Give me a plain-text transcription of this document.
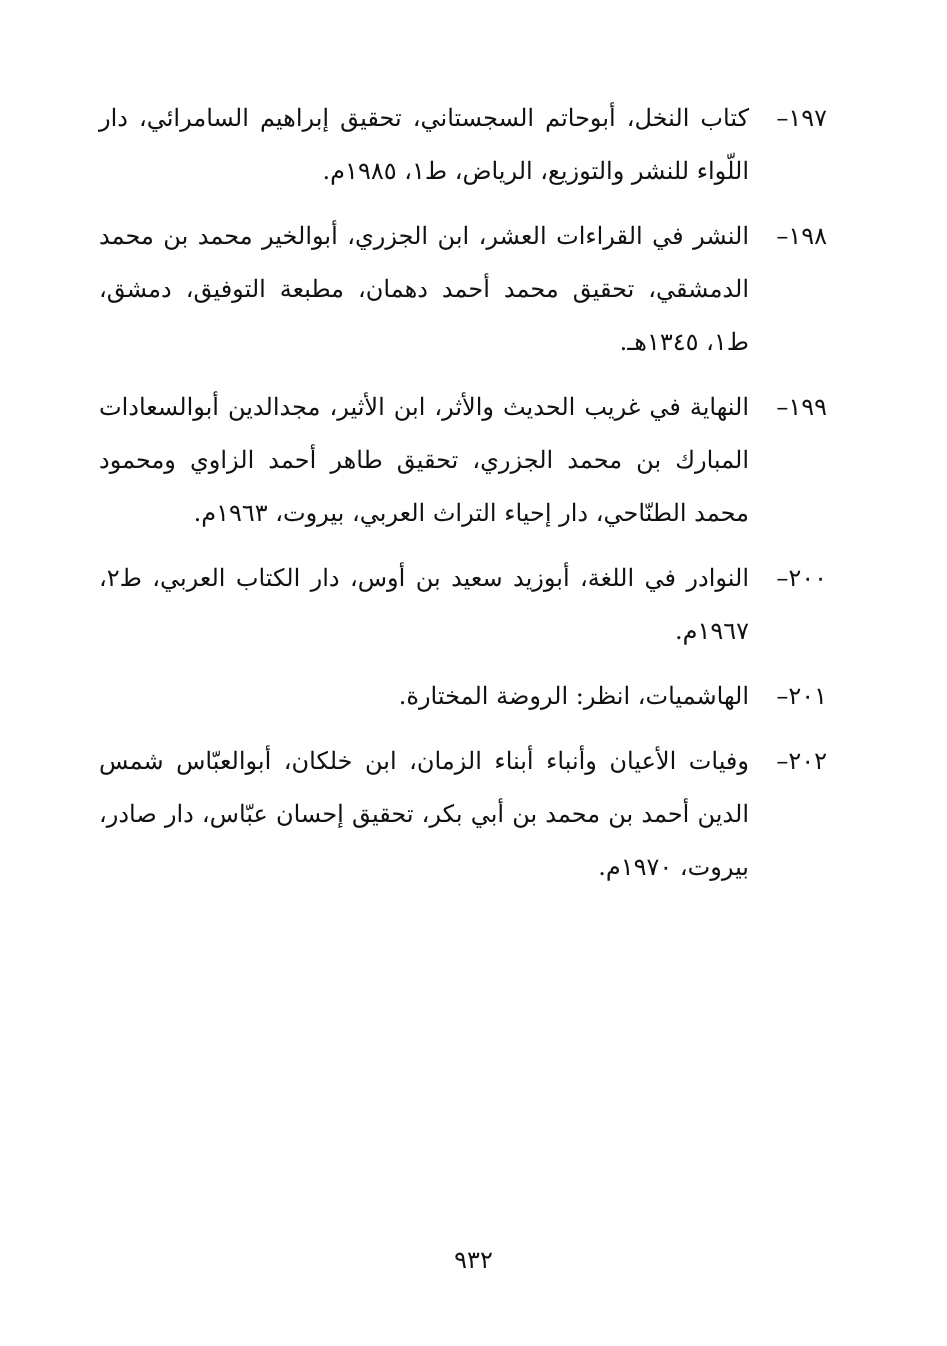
١٩٧–
كتاب النخل، أبوحاتم السجستاني، تحقيق إبراهيم السامرائي، دار اللّواء للنشر والتوزيع، الرياض، ط١، ١٩٨٥م.
١٩٨–
النشر في القراءات العشر، ابن الجزري، أبوالخير محمد بن محمد الدمشقي، تحقيق محمد أحمد دهمان، مطبعة التوفيق، دمشق، ط١، ١٣٤٥هـ.
١٩٩–
النهاية في غريب الحديث والأثر، ابن الأثير، مجدالدين أبوالسعادات المبارك بن محمد الجزري، تحقيق طاهر أحمد الزاوي ومحمود محمد الطنّاحي، دار إحياء التراث العربي، بيروت، ١٩٦٣م.
٢٠٠–
النوادر في اللغة، أبوزيد سعيد بن أوس، دار الكتاب العربي، ط٢، ١٩٦٧م.
٢٠١–
الهاشميات، انظر: الروضة المختارة.
٢٠٢–
وفيات الأعيان وأنباء أبناء الزمان، ابن خلكان، أبوالعبّاس شمس الدين أحمد بن محمد بن أبي بكر، تحقيق إحسان عبّاس، دار صادر، بيروت، ١٩٧٠م.
٩٣٢
